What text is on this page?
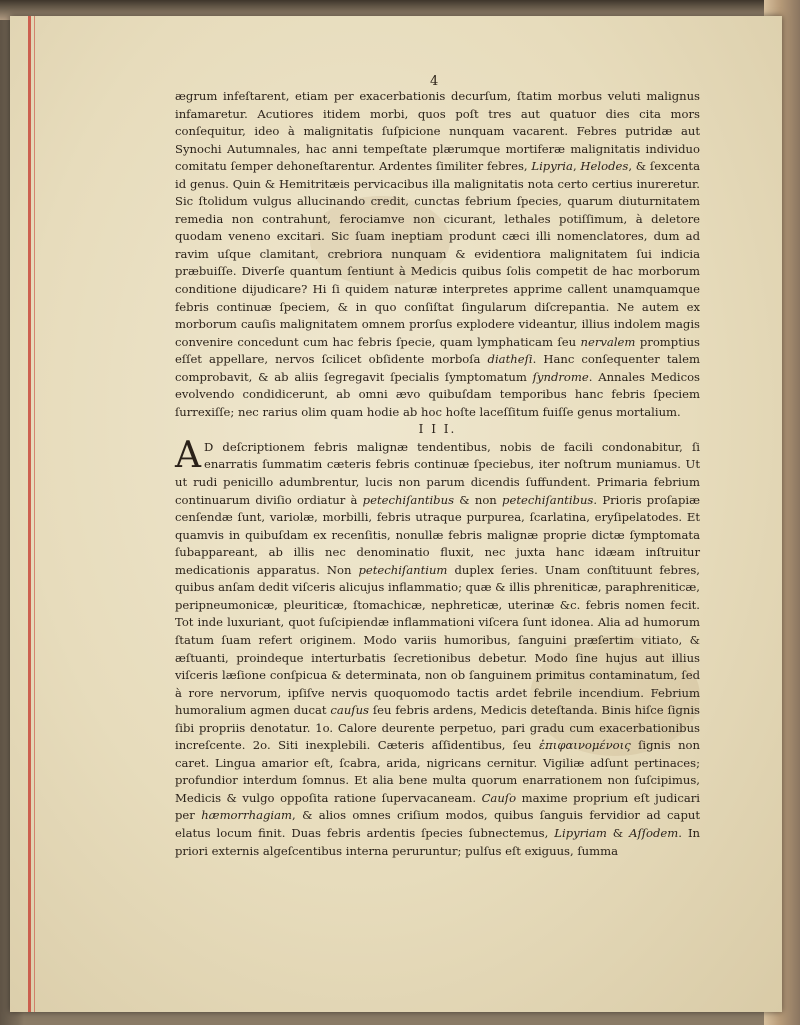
4

ægrum infeſtarent, etiam per exacerbationis decurſum, ſtatim morbus veluti malignus infamaretur. Acutiores itidem morbi, quos poſt tres aut quatuor dies cita mors conſequitur, ideo à malignitatis ſuſpicione nunquam vacarent. Febres putridæ aut Synochi Autumnales, hac anni tempeſtate plærumque mortiferæ malignitatis individuo comitatu ſemper dehoneſtarentur. Ardentes ſimiliter febres, Lipyria, Helodes, & ſexcenta id genus. Quin & Hemitritæis pervicacibus illa malignitatis nota certo certius inureretur. Sic ſtolidum vulgus allucinando credit, cunctas febrium ſpecies, quarum diuturnitatem remedia non contrahunt, ferociamve non cicurant, lethales potiſſimum, à deletore quodam veneno excitari. Sic ſuam ineptiam produnt cæci illi nomenclatores, dum ad ravim uſque clamitant, crebriora nunquam & evidentiora malignitatem ſui indicia præbuiſſe. Diverſe quantum ſentiunt à Medicis quibus ſolis competit de hac morborum conditione dijudicare? Hi ſi quidem naturæ interpretes apprime callent unamquamque febris continuæ ſpeciem, & in quo conſiſtat ſingularum diſcrepantia. Ne autem ex morborum cauſis malignitatem omnem prorſus explodere videantur, illius indolem magis convenire concedunt cum hac febris ſpecie, quam lymphaticam ſeu nervalem promptius eſſet appellare, nervos ſcilicet obſidente morboſa diatheſi. Hanc conſequenter talem comprobavit, & ab aliis ſegregavit ſpecialis ſymptomatum ſyndrome. Annales Medicos evolvendo condidicerunt, ab omni ævo quibuſdam temporibus hanc febris ſpeciem ſurrexiſſe; nec rarius olim quam hodie ab hoc hoſte laceſſitum fuiſſe genus mortalium.

I I I.

A D deſcriptionem febris malignæ tendentibus, nobis de facili condonabitur, ſi enarratis ſummatim cæteris febris continuæ ſpeciebus, iter noſtrum muniamus. Ut ut rudi penicillo adumbrentur, lucis non parum dicendis ſuffundent. Primaria febrium continuarum diviſio ordiatur à petechiſantibus & non petechiſantibus. Prioris proſapiæ cenſendæ ſunt, variolæ, morbilli, febris utraque purpurea, ſcarlatina, eryſipelatodes. Et quamvis in quibuſdam ex recenſitis, nonullæ febris malignæ proprie dictæ ſymptomata ſubappareant, ab illis nec denominatio fluxit, nec juxta hanc idæam inſtruitur medicationis apparatus. Non petechiſantium duplex ſeries. Unam conſtituunt febres, quibus anſam dedit viſceris alicujus inflammatio; quæ & illis phreniticæ, paraphreniticæ, peripneumonicæ, pleuriticæ, ſtomachicæ, nephreticæ, uterinæ &c. febris nomen fecit. Tot inde luxuriant, quot ſuſcipiendæ inflammationi viſcera ſunt idonea. Alia ad humorum ſtatum ſuam refert originem. Modo variis humoribus, ſanguini præſertim vitiato, & æſtuanti, proindeque interturbatis ſecretionibus debetur. Modo ſine hujus aut illius viſceris læſione conſpicua & determinata, non ob ſanguinem primitus contaminatum, ſed à rore nervorum, ipſiſve nervis quoquomodo tactis ardet febrile incendium. Febrium humoralium agmen ducat cauſus ſeu febris ardens, Medicis deteſtanda. Binis hiſce ſignis ſibi propriis denotatur. 1o. Calore deurente perpetuo, pari gradu cum exacerbationibus increſcente. 2o. Siti inexplebili. Cæteris aſſidentibus, ſeu ἐπιφαινομένοις ſignis non caret. Lingua amarior eſt, ſcabra, arida, nigricans cernitur. Vigiliæ adſunt pertinaces; profundior interdum ſomnus. Et alia bene multa quorum enarrationem non ſuſcipimus, Medicis & vulgo oppoſita ratione ſupervacaneam. Cauſo maxime proprium eſt judicari per hæmorrhagiam, & alios omnes criſium modos, quibus ſanguis fervidior ad caput elatus locum finit. Duas febris ardentis ſpecies ſubnectemus, Lipyriam & Aſſodem. In priori externis algeſcentibus interna peruruntur; pulſus eſt exiguus, ſumma
